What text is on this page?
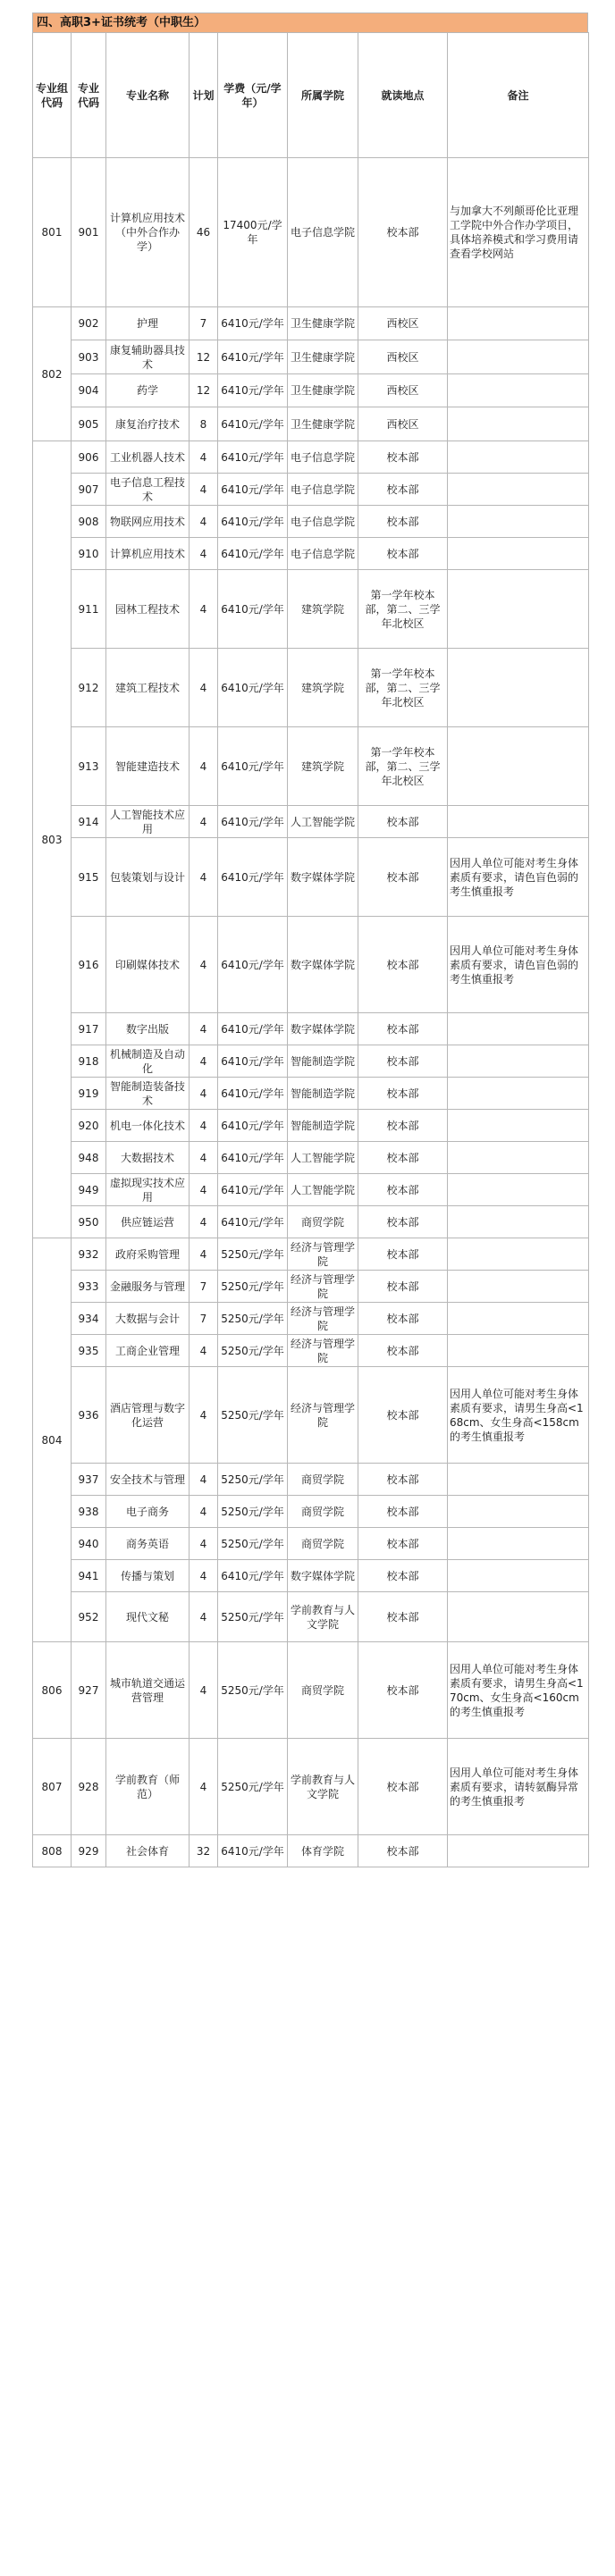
四、高职3+证书统考（中职生）
专业组代码	专业代码	专业名称	计划	学费（元/学年）	所属学院	就读地点	备注
801	901	计算机应用技术（中外合作办学）	46	17400元/学年	电子信息学院	校本部	与加拿大不列颠哥伦比亚理工学院中外合作办学项目，具体培养模式和学习费用请查看学校网站
802	902	护理	7	6410元/学年	卫生健康学院	西校区	
	903	康复辅助器具技术	12	6410元/学年	卫生健康学院	西校区	
	904	药学	12	6410元/学年	卫生健康学院	西校区	
	905	康复治疗技术	8	6410元/学年	卫生健康学院	西校区	
803	906	工业机器人技术	4	6410元/学年	电子信息学院	校本部	
	907	电子信息工程技术	4	6410元/学年	电子信息学院	校本部	
	908	物联网应用技术	4	6410元/学年	电子信息学院	校本部	
	910	计算机应用技术	4	6410元/学年	电子信息学院	校本部	
	911	园林工程技术	4	6410元/学年	建筑学院	第一学年校本部，第二、三学年北校区	
	912	建筑工程技术	4	6410元/学年	建筑学院	第一学年校本部，第二、三学年北校区	
	913	智能建造技术	4	6410元/学年	建筑学院	第一学年校本部，第二、三学年北校区	
	914	人工智能技术应用	4	6410元/学年	人工智能学院	校本部	
	915	包装策划与设计	4	6410元/学年	数字媒体学院	校本部	因用人单位可能对考生身体素质有要求，请色盲色弱的考生慎重报考
	916	印刷媒体技术	4	6410元/学年	数字媒体学院	校本部	因用人单位可能对考生身体素质有要求，请色盲色弱的考生慎重报考
	917	数字出版	4	6410元/学年	数字媒体学院	校本部	
	918	机械制造及自动化	4	6410元/学年	智能制造学院	校本部	
	919	智能制造装备技术	4	6410元/学年	智能制造学院	校本部	
	920	机电一体化技术	4	6410元/学年	智能制造学院	校本部	
	948	大数据技术	4	6410元/学年	人工智能学院	校本部	
	949	虚拟现实技术应用	4	6410元/学年	人工智能学院	校本部	
	950	供应链运营	4	6410元/学年	商贸学院	校本部	
804	932	政府采购管理	4	5250元/学年	经济与管理学院	校本部	
	933	金融服务与管理	7	5250元/学年	经济与管理学院	校本部	
	934	大数据与会计	7	5250元/学年	经济与管理学院	校本部	
	935	工商企业管理	4	5250元/学年	经济与管理学院	校本部	
	936	酒店管理与数字化运营	4	5250元/学年	经济与管理学院	校本部	因用人单位可能对考生身体素质有要求，请男生身高<168cm、女生身高<158cm的考生慎重报考
	937	安全技术与管理	4	5250元/学年	商贸学院	校本部	
	938	电子商务	4	5250元/学年	商贸学院	校本部	
	940	商务英语	4	5250元/学年	商贸学院	校本部	
	941	传播与策划	4	6410元/学年	数字媒体学院	校本部	
	952	现代文秘	4	5250元/学年	学前教育与人文学院	校本部	
806	927	城市轨道交通运营管理	4	5250元/学年	商贸学院	校本部	因用人单位可能对考生身体素质有要求，请男生身高<170cm、女生身高<160cm的考生慎重报考
807	928	学前教育（师范）	4	5250元/学年	学前教育与人文学院	校本部	因用人单位可能对考生身体素质有要求，请转氨酶异常的考生慎重报考
808	929	社会体育	32	6410元/学年	体育学院	校本部	
